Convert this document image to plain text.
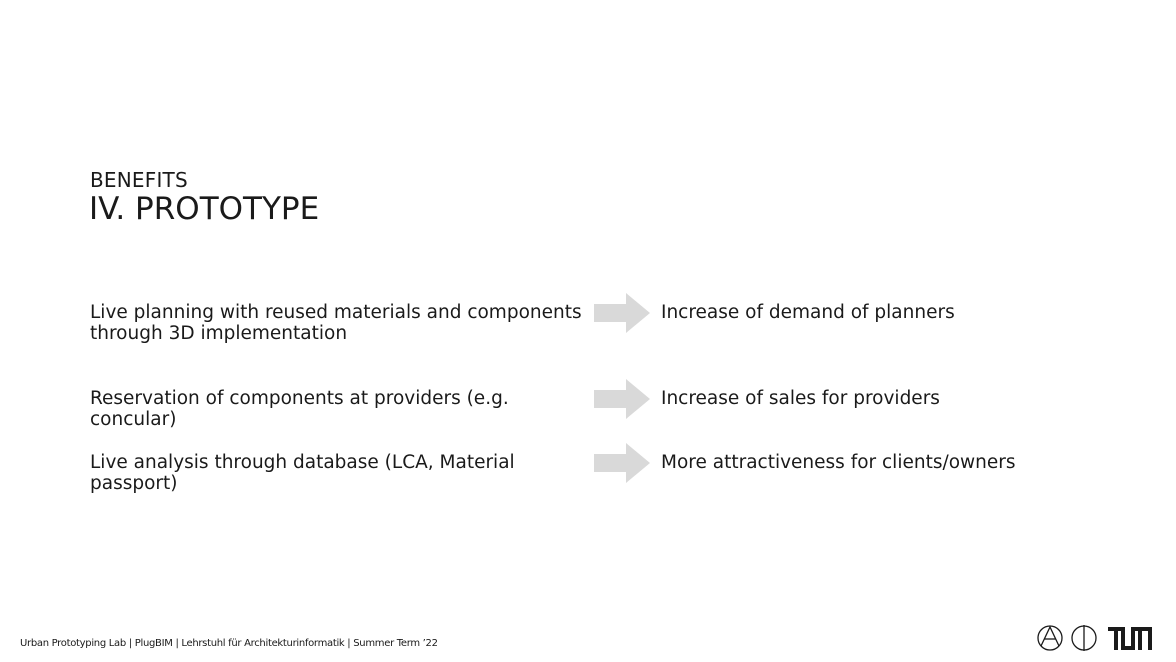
BENEFITS
IV. PROTOTYPE
Live planning with reused materials and components through 3D implementation
Increase of demand of planners
Reservation of components at providers (e.g. concular)
Increase of sales for providers
Live analysis through database (LCA, Material passport)
More attractiveness for clients/owners
Urban Prototyping Lab | PlugBIM | Lehrstuhl für Architekturinformatik | Summer Term ’22
